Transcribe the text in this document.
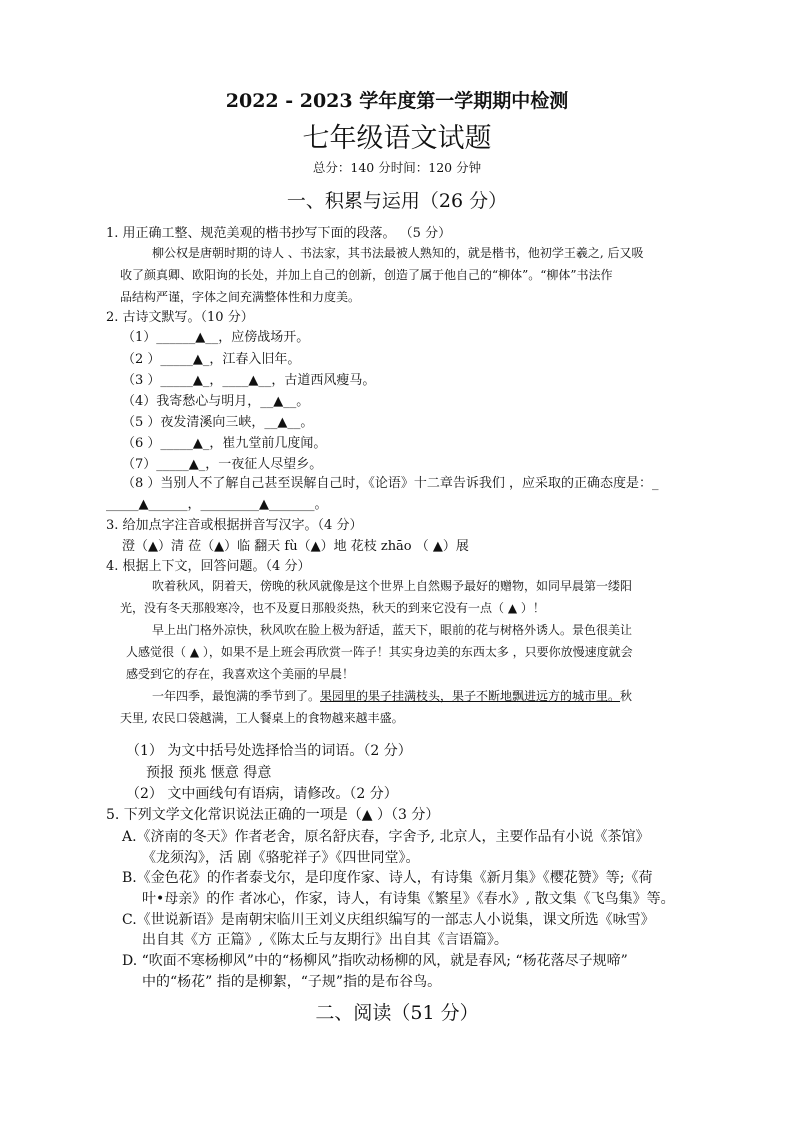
2022 - 2023 学年度第一学期期中检测
七年级语文试题
总分：140 分时间：120 分钟
一、积累与运用（26 分）
1. 用正确工整、规范美观的楷书抄写下面的段落。 （5 分）
柳公权是唐朝时期的诗人 、书法家，其书法最被人熟知的，就是楷书，他初学王羲之, 后又吸
收了颜真卿、欧阳询的长处，并加上自己的创新，创造了属于他自己的“柳体”。“柳体”书法作
品结构严谨，字体之间充满整体性和力度美。
2. 古诗文默写。（10 分）
（1）______▲__，应傍战场开。
（2 ）_____▲_，江春入旧年。
（3 ）_____▲_，____▲__，古道西风瘦马。
（4）我寄愁心与明月，__▲__。
（5 ）夜发清溪向三峡，__▲__。
（6 ）_____▲_，崔九堂前几度闻。
（7）_____▲_，一夜征人尽望乡。
（8 ）当别人不了解自己甚至误解自己时，《论语》十二章告诉我们 ，应采取的正确态度是：_
_____▲______，_________▲_______。
3. 给加点字注音或根据拼音写汉字。（4 分）
澄（▲）清 莅（▲）临 翻天 fù（▲）地 花枝 zhāo （ ▲）展
4. 根据上下文，回答问题。（4 分）
吹着秋风，阴着天，傍晚的秋风就像是这个世界上自然赐予最好的赠物，如同早晨第一缕阳
光，没有冬天那般寒冷，也不及夏日那般炎热，秋天的到来它没有一点（ ▲ ）！
早上出门格外凉快，秋风吹在脸上极为舒适，蓝天下，眼前的花与树格外诱人。景色很美让
人感觉很（ ▲ ），如果不是上班会再欣赏一阵子！其实身边美的东西太多 ，只要你放慢速度就会
感受到它的存在，我喜欢这个美丽的早晨！
一年四季，最饱满的季节到了。果园里的果子挂满枝头，果子不断地飘进远方的城市里。秋
天里, 农民口袋越满，工人餐桌上的食物越来越丰盛。
（1） 为文中括号处选择恰当的词语。（2 分）
预报 预兆 惬意 得意
（2） 文中画线句有语病，请修改。（2 分）
5. 下列文学文化常识说法正确的一项是（▲ ）（3 分）
A.《济南的冬天》作者老舍，原名舒庆春，字舍予, 北京人，主要作品有小说《茶馆》
《龙须沟》，活 剧《骆驼祥子》《四世同堂》。
B.《金色花》的作者泰戈尔，是印度作家、诗人，有诗集《新月集》《樱花赞》等;《荷
叶•母亲》的作 者冰心，作家，诗人，有诗集《繁星》《春水》, 散文集《飞鸟集》等。
C.《世说新语》是南朝宋临川王刘义庆组织编写的一部志人小说集，课文所选《咏雪》
出自其《方 正篇》,《陈太丘与友期行》出自其《言语篇》。
D. “吹面不寒杨柳风”中的“杨柳风”指吹动杨柳的风，就是春风; “杨花落尽子规啼”
中的“杨花” 指的是柳絮，“子规”指的是布谷鸟。
二、阅读（51 分）
